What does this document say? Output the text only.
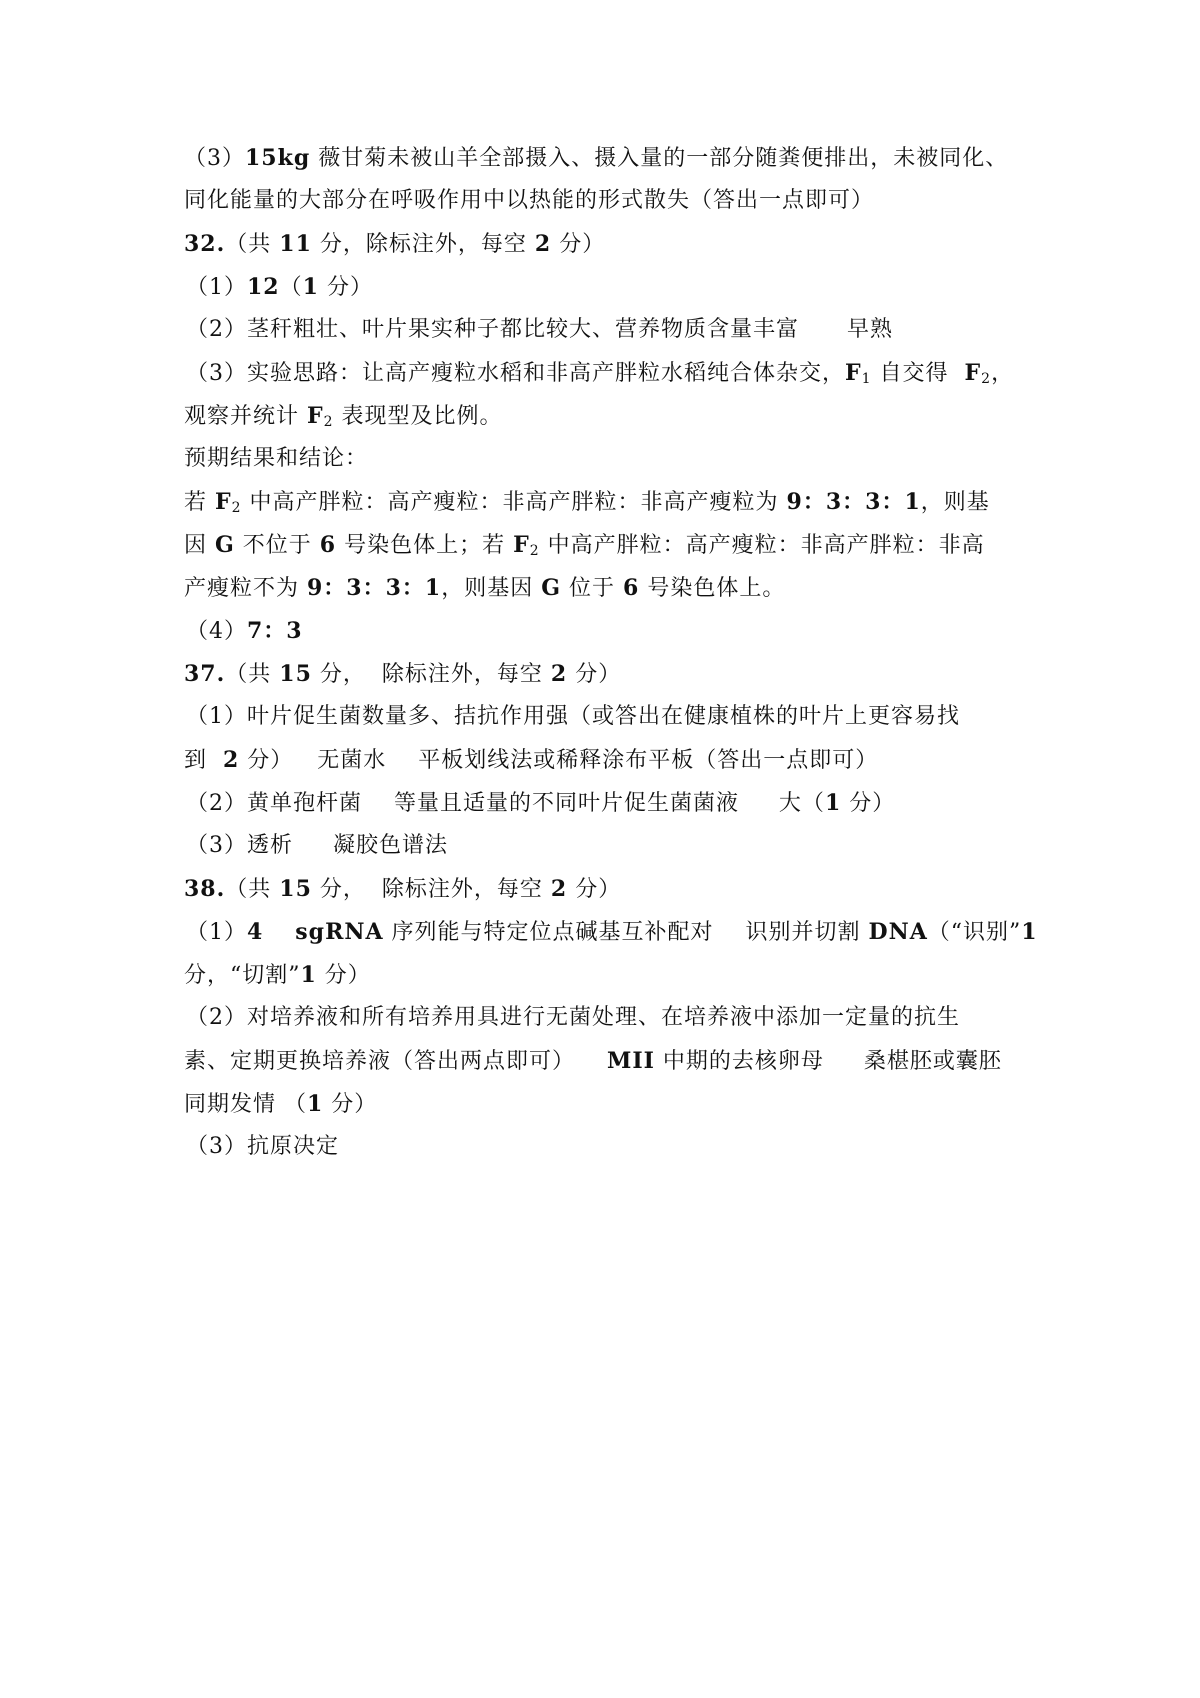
（3）15kg 薇甘菊未被山羊全部摄入、摄入量的一部分随粪便排出，未被同化、
同化能量的大部分在呼吸作用中以热能的形式散失（答出一点即可）
32.（共 11 分，除标注外，每空 2 分）
（1）12（1 分）
（2）茎秆粗壮、叶片果实种子都比较大、营养物质含量丰富      早熟
（3）实验思路：让高产瘦粒水稻和非高产胖粒水稻纯合体杂交，$F_1$ 自交得  $F_2$，
观察并统计 $F_2$ 表现型及比例。
预期结果和结论：
若 $F_2$ 中高产胖粒：高产瘦粒：非高产胖粒：非高产瘦粒为 9：3：3：1，则基
因 G 不位于 6 号染色体上；若 $F_2$ 中高产胖粒：高产瘦粒：非高产胖粒：非高
产瘦粒不为 9：3：3：1，则基因 G 位于 6 号染色体上。
（4）7：3
37.（共 15 分，  除标注外，每空 2 分）
（1）叶片促生菌数量多、拮抗作用强（或答出在健康植株的叶片上更容易找
到  2 分）   无菌水    平板划线法或稀释涂布平板（答出一点即可）
（2）黄单孢杆菌    等量且适量的不同叶片促生菌菌液     大（1 分）
（3）透析     凝胶色谱法
38.（共 15 分，  除标注外，每空 2 分）
（1）4 sgRNA 序列能与特定位点碱基互补配对    识别并切割 DNA（“识别”1
分，“切割”1 分）
（2）对培养液和所有培养用具进行无菌处理、在培养液中添加一定量的抗生
素、定期更换培养液（答出两点即可）    MII 中期的去核卵母     桑椹胚或囊胚
同期发情 （1 分）
（3）抗原决定
